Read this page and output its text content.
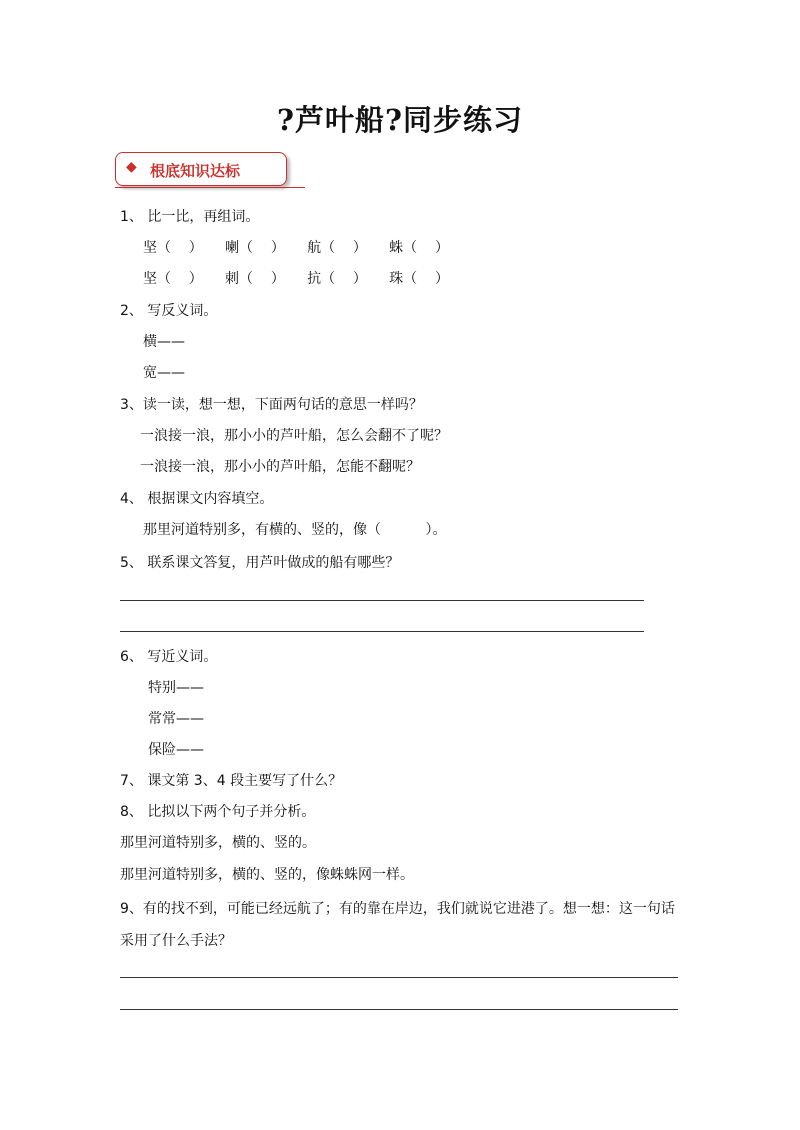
?芦叶船?同步练习
◆ 根底知识达标
1、 比一比，再组词。
坚（    ）     喇（    ）     航（    ）     蛛（    ）
坚（    ）     刺（    ）     抗（    ）     珠（    ）
2、 写反义词。
横——
宽——
3、读一读，想一想，下面两句话的意思一样吗？
一浪接一浪，那小小的芦叶船，怎么会翻不了呢？
一浪接一浪，那小小的芦叶船，怎能不翻呢？
4、 根据课文内容填空。
那里河道特别多，有横的、竖的，像（          ）。
5、 联系课文答复，用芦叶做成的船有哪些？
6、 写近义词。
特别——
常常——
保险——
7、 课文第 3、4 段主要写了什么？
8、 比拟以下两个句子并分析。
那里河道特别多，横的、竖的。
那里河道特别多，横的、竖的，像蛛蛛网一样。
9、有的找不到，可能已经远航了；有的靠在岸边，我们就说它进港了。想一想：这一句话
采用了什么手法？
